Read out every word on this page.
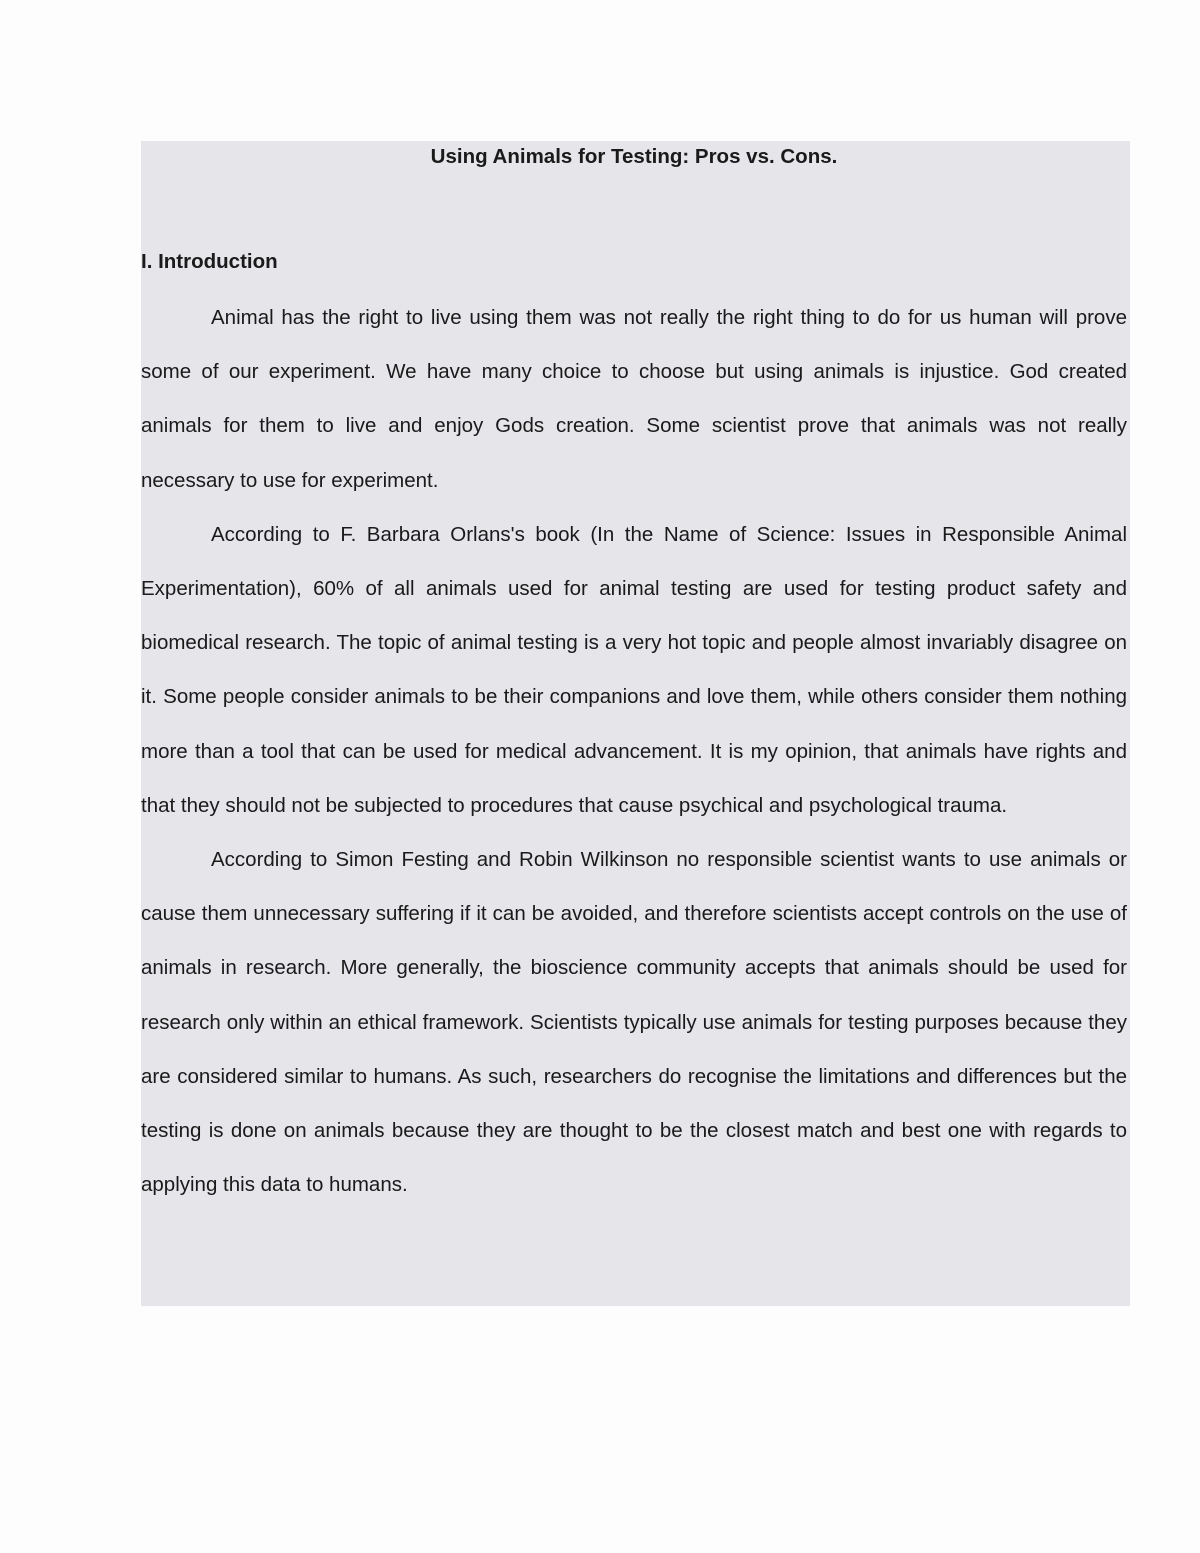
Using Animals for Testing: Pros vs. Cons.
I. Introduction

Animal has the right to live using them was not really the right thing to do for us human will prove some of our experiment. We have many choice to choose but using animals is injustice. God created animals for them to live and enjoy Gods creation. Some scientist prove that animals was not really necessary to use for experiment.

According to F. Barbara Orlans's book (In the Name of Science: Issues in Responsible Animal Experimentation), 60% of all animals used for animal testing are used for testing product safety and biomedical research. The topic of animal testing is a very hot topic and people almost invariably disagree on it. Some people consider animals to be their companions and love them, while others consider them nothing more than a tool that can be used for medical advancement. It is my opinion, that animals have rights and that they should not be subjected to procedures that cause psychical and psychological trauma.

According to Simon Festing and Robin Wilkinson no responsible scientist wants to use animals or cause them unnecessary suffering if it can be avoided, and therefore scientists accept controls on the use of animals in research. More generally, the bioscience community accepts that animals should be used for research only within an ethical framework. Scientists typically use animals for testing purposes because they are considered similar to humans. As such, researchers do recognise the limitations and differences but the testing is done on animals because they are thought to be the closest match and best one with regards to applying this data to humans.
